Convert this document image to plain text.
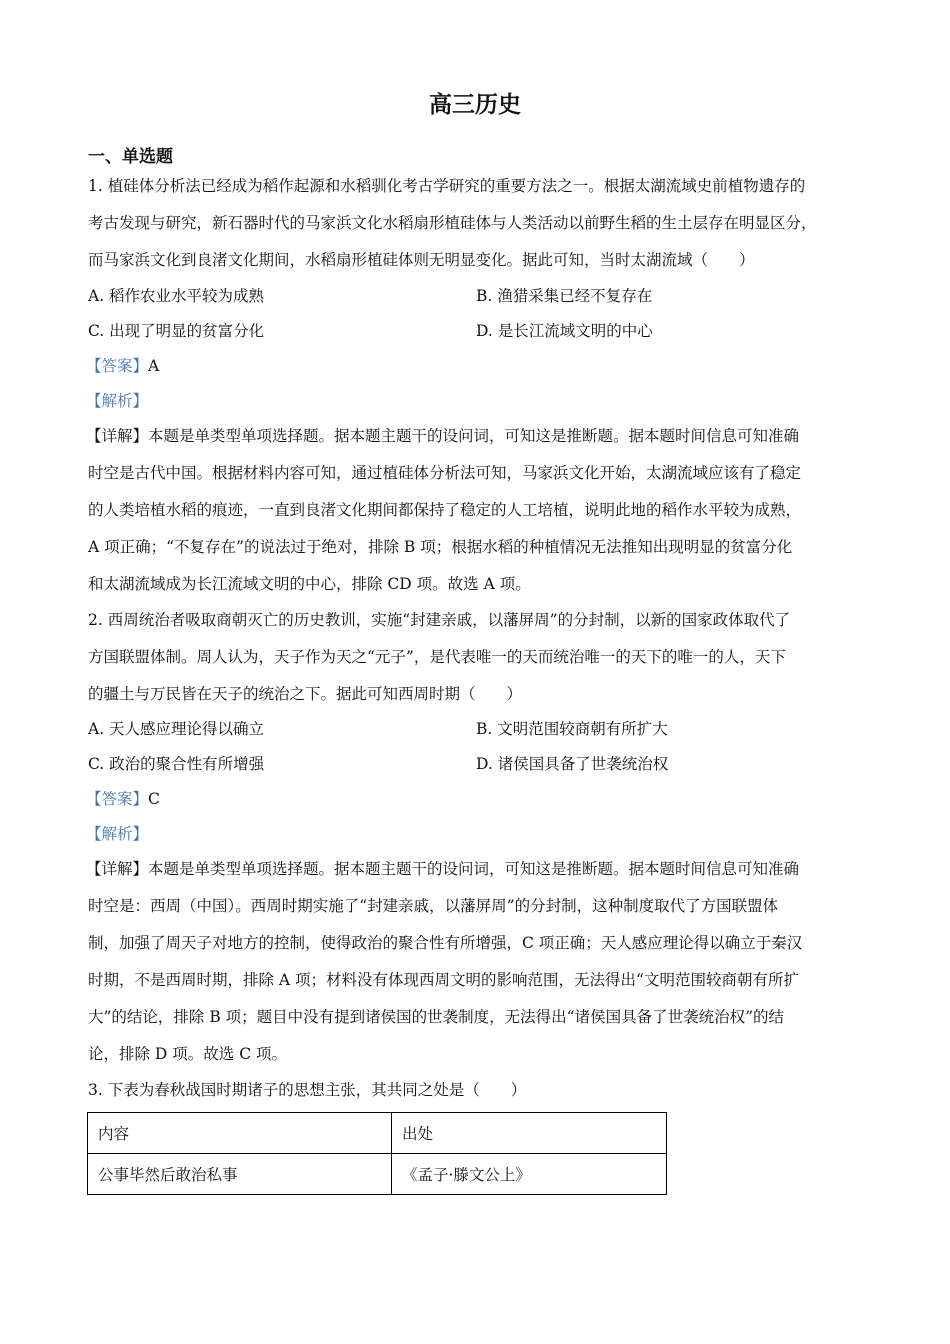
高三历史
一、单选题
1. 植硅体分析法已经成为稻作起源和水稻驯化考古学研究的重要方法之一。根据太湖流域史前植物遗存的
考古发现与研究，新石器时代的马家浜文化水稻扇形植硅体与人类活动以前野生稻的生土层存在明显区分，
而马家浜文化到良渚文化期间，水稻扇形植硅体则无明显变化。据此可知，当时太湖流域（　　）
A. 稻作农业水平较为成熟	B. 渔猎采集已经不复存在
C. 出现了明显的贫富分化	D. 是长江流域文明的中心
【答案】A
【解析】
【详解】本题是单类型单项选择题。据本题主题干的设问词，可知这是推断题。据本题时间信息可知准确
时空是古代中国。根据材料内容可知，通过植硅体分析法可知，马家浜文化开始，太湖流域应该有了稳定
的人类培植水稻的痕迹，一直到良渚文化期间都保持了稳定的人工培植，说明此地的稻作水平较为成熟，
A 项正确；“不复存在”的说法过于绝对，排除 B 项；根据水稻的种植情况无法推知出现明显的贫富分化
和太湖流域成为长江流域文明的中心，排除 CD 项。故选 A 项。
2. 西周统治者吸取商朝灭亡的历史教训，实施“封建亲戚，以藩屏周”的分封制，以新的国家政体取代了
方国联盟体制。周人认为，天子作为天之“元子”，是代表唯一的天而统治唯一的天下的唯一的人，天下
的疆土与万民皆在天子的统治之下。据此可知西周时期（　　）
A. 天人感应理论得以确立	B. 文明范围较商朝有所扩大
C. 政治的聚合性有所增强	D. 诸侯国具备了世袭统治权
【答案】C
【解析】
【详解】本题是单类型单项选择题。据本题主题干的设问词，可知这是推断题。据本题时间信息可知准确
时空是：西周（中国）。西周时期实施了“封建亲戚，以藩屏周”的分封制，这种制度取代了方国联盟体
制，加强了周天子对地方的控制，使得政治的聚合性有所增强，C 项正确；天人感应理论得以确立于秦汉
时期，不是西周时期，排除 A 项；材料没有体现西周文明的影响范围，无法得出“文明范围较商朝有所扩
大”的结论，排除 B 项；题目中没有提到诸侯国的世袭制度，无法得出“诸侯国具备了世袭统治权”的结
论，排除 D 项。故选 C 项。
3. 下表为春秋战国时期诸子的思想主张，其共同之处是（　　）
内容	出处
公事毕然后敢治私事	《孟子·滕文公上》
